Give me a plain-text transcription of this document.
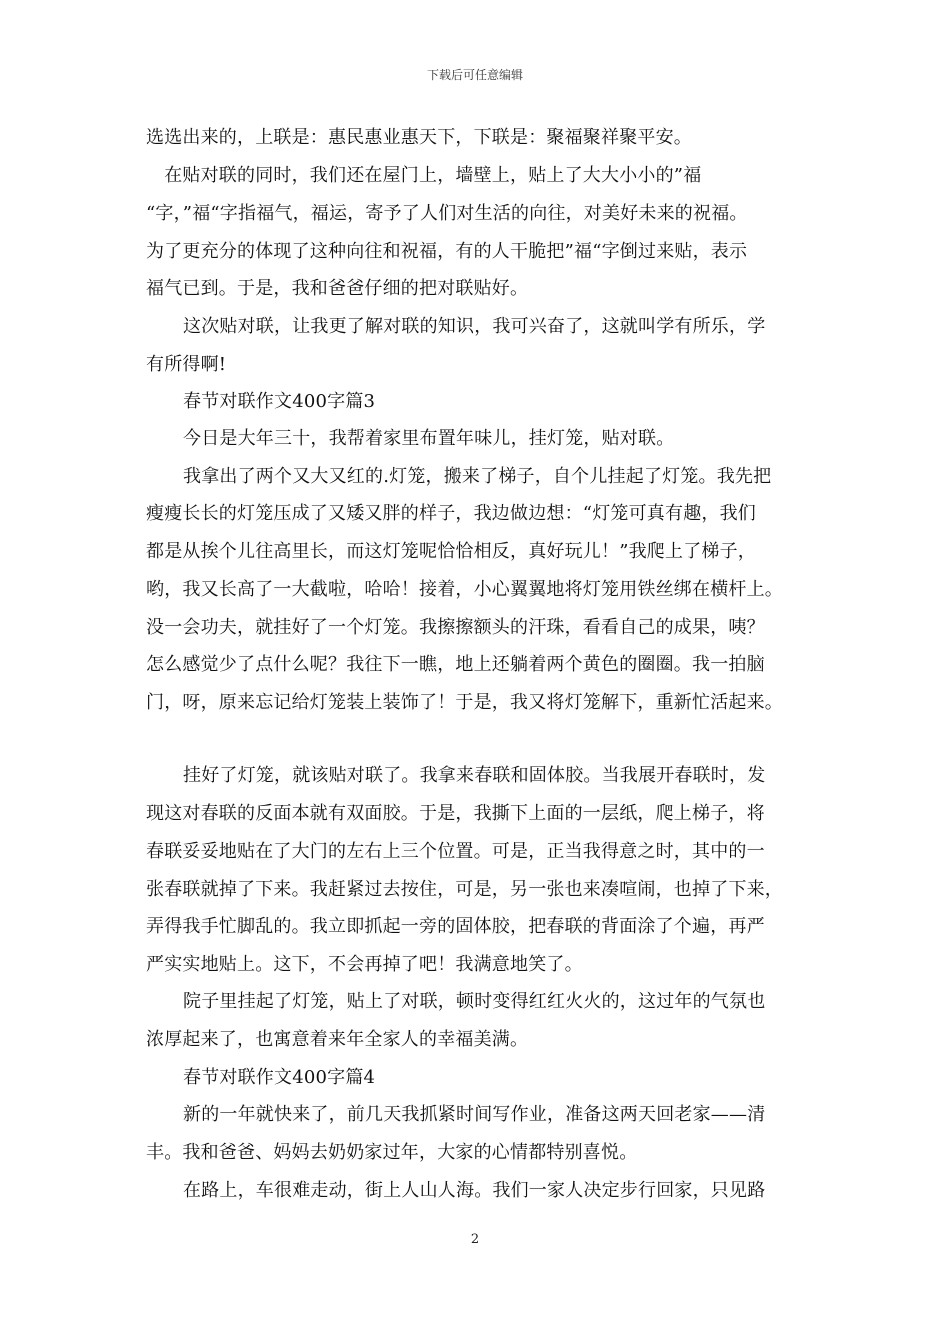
下载后可任意编辑
选选出来的，上联是：惠民惠业惠天下，下联是：聚福聚祥聚平安。
　在贴对联的同时，我们还在屋门上，墙壁上，贴上了大大小小的”福
“字，”福“字指福气，福运，寄予了人们对生活的向往，对美好未来的祝福。
为了更充分的体现了这种向往和祝福，有的人干脆把”福“字倒过来贴，表示
福气已到。于是，我和爸爸仔细的把对联贴好。
这次贴对联，让我更了解对联的知识，我可兴奋了，这就叫学有所乐，学
有所得啊!
春节对联作文400字篇3
今日是大年三十，我帮着家里布置年味儿，挂灯笼，贴对联。
我拿出了两个又大又红的.灯笼，搬来了梯子，自个儿挂起了灯笼。我先把
瘦瘦长长的灯笼压成了又矮又胖的样子，我边做边想：“灯笼可真有趣，我们
都是从挨个儿往高里长，而这灯笼呢恰恰相反，真好玩儿！”我爬上了梯子，
哟，我又长高了一大截啦，哈哈！接着，小心翼翼地将灯笼用铁丝绑在横杆上。
没一会功夫，就挂好了一个灯笼。我擦擦额头的汗珠，看看自己的成果，咦？
怎么感觉少了点什么呢？我往下一瞧，地上还躺着两个黄色的圈圈。我一拍脑
门，呀，原来忘记给灯笼装上装饰了！于是，我又将灯笼解下，重新忙活起来。
挂好了灯笼，就该贴对联了。我拿来春联和固体胶。当我展开春联时，发
现这对春联的反面本就有双面胶。于是，我撕下上面的一层纸，爬上梯子，将
春联妥妥地贴在了大门的左右上三个位置。可是，正当我得意之时，其中的一
张春联就掉了下来。我赶紧过去按住，可是，另一张也来凑喧闹，也掉了下来，
弄得我手忙脚乱的。我立即抓起一旁的固体胶，把春联的背面涂了个遍，再严
严实实地贴上。这下，不会再掉了吧！我满意地笑了。
院子里挂起了灯笼，贴上了对联，顿时变得红红火火的，这过年的气氛也
浓厚起来了，也寓意着来年全家人的幸福美满。
春节对联作文400字篇4
新的一年就快来了，前几天我抓紧时间写作业，准备这两天回老家——清
丰。我和爸爸、妈妈去奶奶家过年，大家的心情都特别喜悦。
在路上，车很难走动，街上人山人海。我们一家人决定步行回家，只见路
2
